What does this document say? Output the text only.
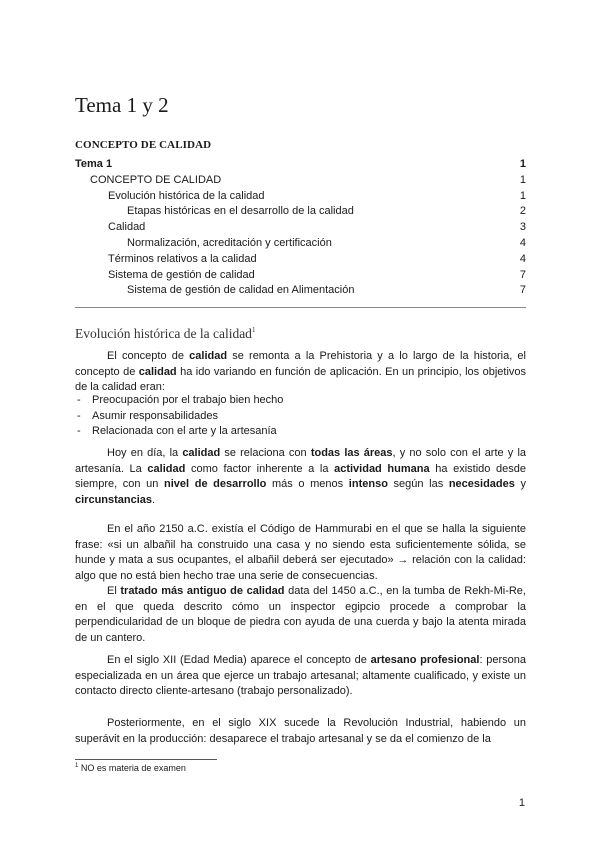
Tema 1 y 2
CONCEPTO DE CALIDAD
Tema 1	1
CONCEPTO DE CALIDAD	1
Evolución histórica de la calidad	1
Etapas históricas en el desarrollo de la calidad	2
Calidad	3
Normalización, acreditación y certificación	4
Términos relativos a la calidad	4
Sistema de gestión de calidad	7
Sistema de gestión de calidad en Alimentación	7
Evolución histórica de la calidad$^1$

El concepto de calidad se remonta a la Prehistoria y a lo largo de la historia, el concepto de calidad ha ido variando en función de aplicación. En un principio, los objetivos de la calidad eran:

- Preocupación por el trabajo bien hecho
- Asumir responsabilidades
- Relacionada con el arte y la artesanía

Hoy en día, la calidad se relaciona con todas las áreas, y no solo con el arte y la artesanía. La calidad como factor inherente a la actividad humana ha existido desde siempre, con un nivel de desarrollo más o menos intenso según las necesidades y circunstancias.

En el año 2150 a.C. existía el Código de Hammurabi en el que se halla la siguiente frase: «si un albañil ha construido una casa y no siendo esta suficientemente sólida, se hunde y mata a sus ocupantes, el albañil deberá ser ejecutado» → relación con la calidad: algo que no está bien hecho trae una serie de consecuencias.

El tratado más antiguo de calidad data del 1450 a.C., en la tumba de Rekh-Mi-Re, en el que queda descrito cómo un inspector egipcio procede a comprobar la perpendicularidad de un bloque de piedra con ayuda de una cuerda y bajo la atenta mirada de un cantero.

En el siglo XII (Edad Media) aparece el concepto de artesano profesional: persona especializada en un área que ejerce un trabajo artesanal; altamente cualificado, y existe un contacto directo cliente-artesano (trabajo personalizado).

Posteriormente, en el siglo XIX sucede la Revolución Industrial, habiendo un superávit en la producción: desaparece el trabajo artesanal y se da el comienzo de la

$^1$ NO es materia de examen
1
